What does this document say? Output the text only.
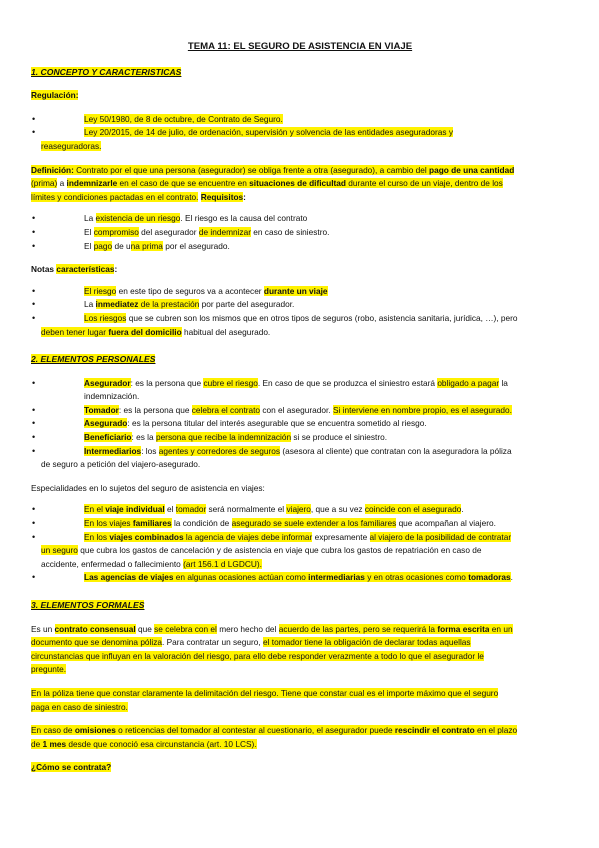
TEMA 11: EL SEGURO DE ASISTENCIA EN VIAJE

1. CONCEPTO Y CARACTERISTICAS

Regulación:

• Ley 50/1980, de 8 de octubre, de Contrato de Seguro.
• Ley 20/2015, de 14 de julio, de ordenación, supervisión y solvencia de las entidades aseguradoras y

reaseguradoras.

Definición: Contrato por el que una persona (asegurador) se obliga frente a otra (asegurado), a cambio del pago de una cantidad

(prima) a indemnizarle en el caso de que se encuentre en situaciones de dificultad durante el curso de un viaje, dentro de los

límites y condiciones pactadas en el contrato. Requisitos:

• La existencia de un riesgo. El riesgo es la causa del contrato
• El compromiso del asegurador de indemnizar en caso de siniestro.
• El pago de una prima por el asegurado.

Notas características:

• El riesgo en este tipo de seguros va a acontecer durante un viaje
• La inmediatez de la prestación por parte del asegurador.
• Los riesgos que se cubren son los mismos que en otros tipos de seguros (robo, asistencia sanitaria, jurídica, …), pero

deben tener lugar fuera del domicilio habitual del asegurado.

2. ELEMENTOS PERSONALES

• Asegurador: es la persona que cubre el riesgo. En caso de que se produzca el siniestro estará obligado a pagar la

indemnización.

• Tomador: es la persona que celebra el contrato con el asegurador. Si interviene en nombre propio, es el asegurado.
• Asegurado: es la persona titular del interés asegurable que se encuentra sometido al riesgo.
• Beneficiario: es la persona que recibe la indemnización si se produce el siniestro.
• Intermediarios: los agentes y corredores de seguros (asesora al cliente) que contratan con la aseguradora la póliza

de seguro a petición del viajero-asegurado.

Especialidades en lo sujetos del seguro de asistencia en viajes:

• En el viaje individual el tomador será normalmente el viajero, que a su vez coincide con el asegurado.
• En los viajes familiares la condición de asegurado se suele extender a los familiares que acompañan al viajero.
• En los viajes combinados la agencia de viajes debe informar expresamente al viajero de la posibilidad de contratar

un seguro que cubra los gastos de cancelación y de asistencia en viaje que cubra los gastos de repatriación en caso de

accidente, enfermedad o fallecimiento (art 156.1 d LGDCU).

• Las agencias de viajes en algunas ocasiones actúan como intermediarias y en otras ocasiones como tomadoras.

3. ELEMENTOS FORMALES

Es un contrato consensual que se celebra con el mero hecho del acuerdo de las partes, pero se requerirá la forma escrita en un

documento que se denomina póliza. Para contratar un seguro, el tomador tiene la obligación de declarar todas aquellas

circunstancias que influyan en la valoración del riesgo, para ello debe responder verazmente a todo lo que el asegurador le

pregunte.

En la póliza tiene que constar claramente la delimitación del riesgo. Tiene que constar cual es el importe máximo que el seguro

paga en caso de siniestro.

En caso de omisiones o reticencias del tomador al contestar al cuestionario, el asegurador puede rescindir el contrato en el plazo

de 1 mes desde que conoció esa circunstancia (art. 10 LCS).

¿Cómo se contrata?
